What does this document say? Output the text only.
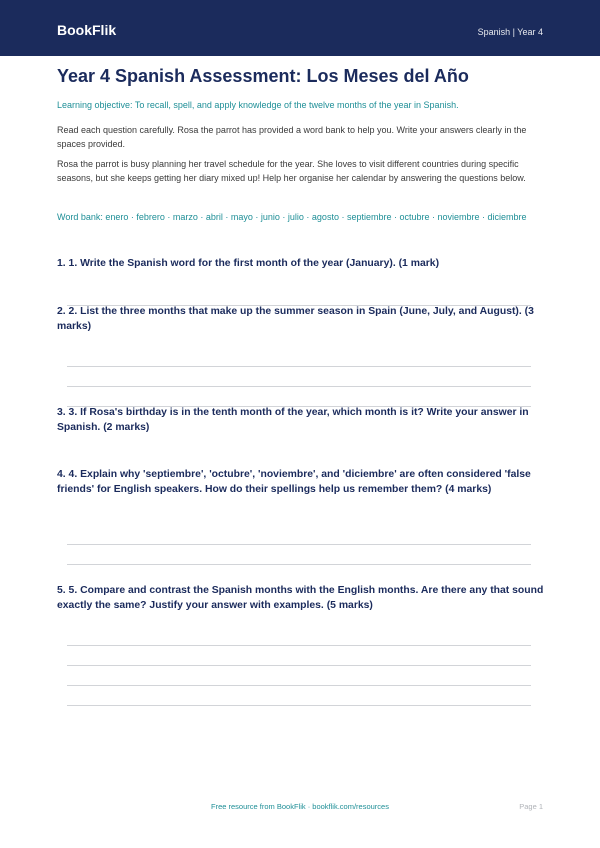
BookFlik	Spanish | Year 4
Year 4 Spanish Assessment: Los Meses del Año

Learning objective: To recall, spell, and apply knowledge of the twelve months of the year in Spanish.

Read each question carefully. Rosa the parrot has provided a word bank to help you. Write your answers clearly in the spaces provided.

Rosa the parrot is busy planning her travel schedule for the year. She loves to visit different countries during specific seasons, but she keeps getting her diary mixed up! Help her organise her calendar by answering the questions below.

Word bank: enero · febrero · marzo · abril · mayo · junio · julio · agosto · septiembre · octubre · noviembre · diciembre

1. 1. Write the Spanish word for the first month of the year (January). (1 mark)

2. 2. List the three months that make up the summer season in Spain (June, July, and August). (3 marks)

3. 3. If Rosa's birthday is in the tenth month of the year, which month is it? Write your answer in Spanish. (2 marks)

4. 4. Explain why 'septiembre', 'octubre', 'noviembre', and 'diciembre' are often considered 'false friends' for English speakers. How do their spellings help us remember them? (4 marks)

5. 5. Compare and contrast the Spanish months with the English months. Are there any that sound exactly the same? Justify your answer with examples. (5 marks)

Free resource from BookFlik · bookflik.com/resources	Page 1
